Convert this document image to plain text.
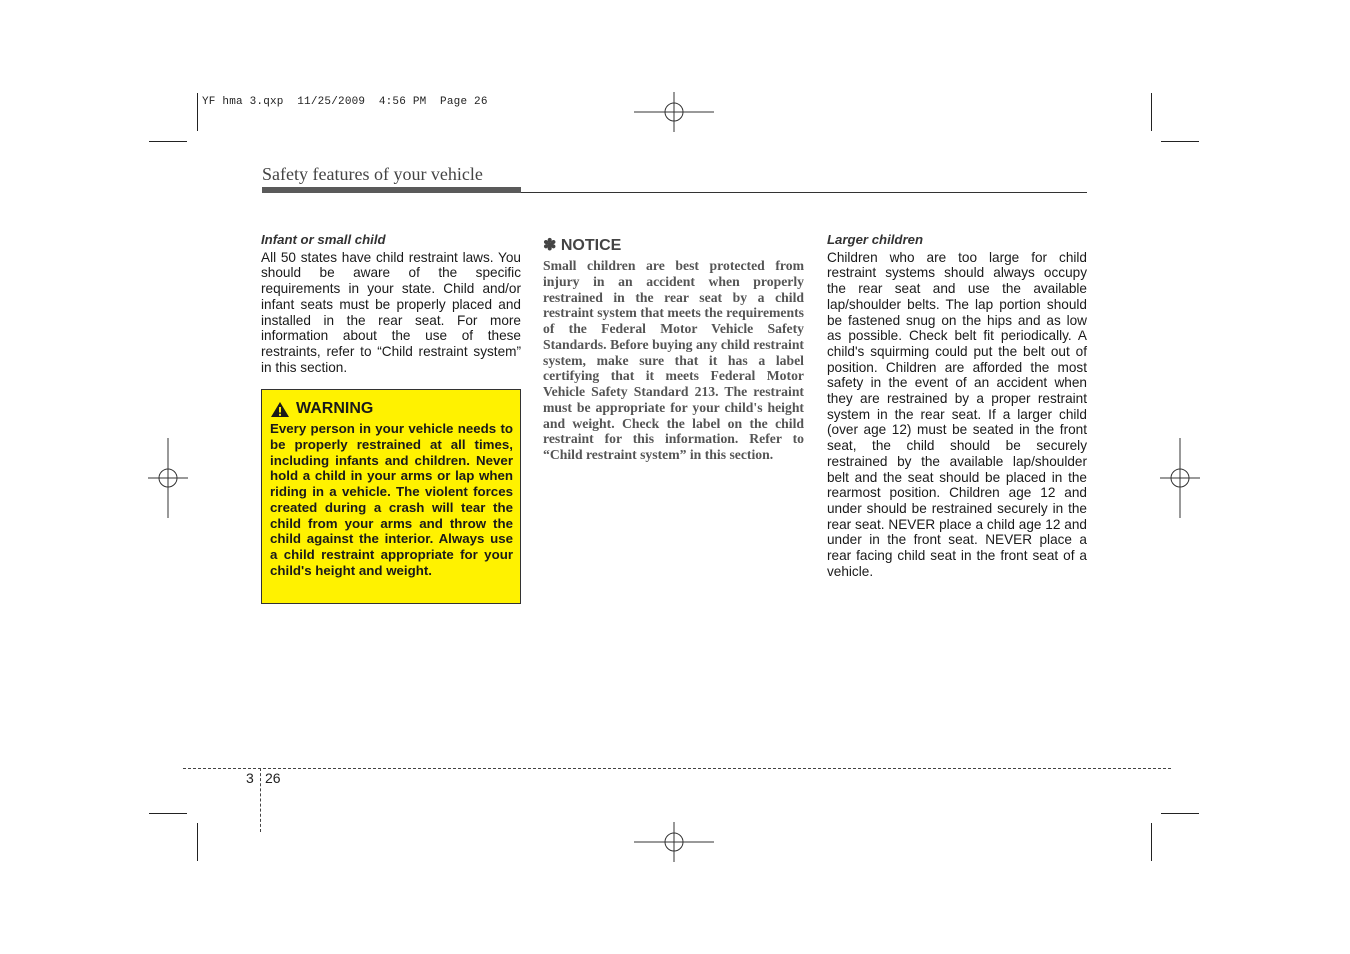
YF hma 3.qxp  11/25/2009  4:56 PM  Page 26
Safety features of your vehicle
Infant or small child

All 50 states have child restraint laws. You should be aware of the specific requirements in your state. Child and/or infant seats must be properly placed and installed in the rear seat. For more information about the use of these restraints, refer to “Child restraint system” in this section.

WARNING
Every person in your vehicle needs to be properly restrained at all times, including infants and children. Never hold a child in your arms or lap when riding in a vehicle. The violent forces created during a crash will tear the child from your arms and throw the child against the interior. Always use a child restraint appropriate for your child's height and weight.
✽ NOTICE
Small children are best protected from injury in an accident when properly restrained in the rear seat by a child restraint system that meets the requirements of the Federal Motor Vehicle Safety Standards. Before buying any child restraint system, make sure that it has a label certifying that it meets Federal Motor Vehicle Safety Standard 213. The restraint must be appropriate for your child's height and weight. Check the label on the child restraint for this information. Refer to “Child restraint system” in this section.
Larger children

Children who are too large for child restraint systems should always occupy the rear seat and use the available lap/shoulder belts. The lap portion should be fastened snug on the hips and as low as possible. Check belt fit periodically. A child's squirming could put the belt out of position. Children are afforded the most safety in the event of an accident when they are restrained by a proper restraint system in the rear seat. If a larger child (over age 12) must be seated in the front seat, the child should be securely restrained by the available lap/shoulder belt and the seat should be placed in the rearmost position. Children age 12 and under should be restrained securely in the rear seat. NEVER place a child age 12 and under in the front seat. NEVER place a rear facing child seat in the front seat of a vehicle.

3 26
